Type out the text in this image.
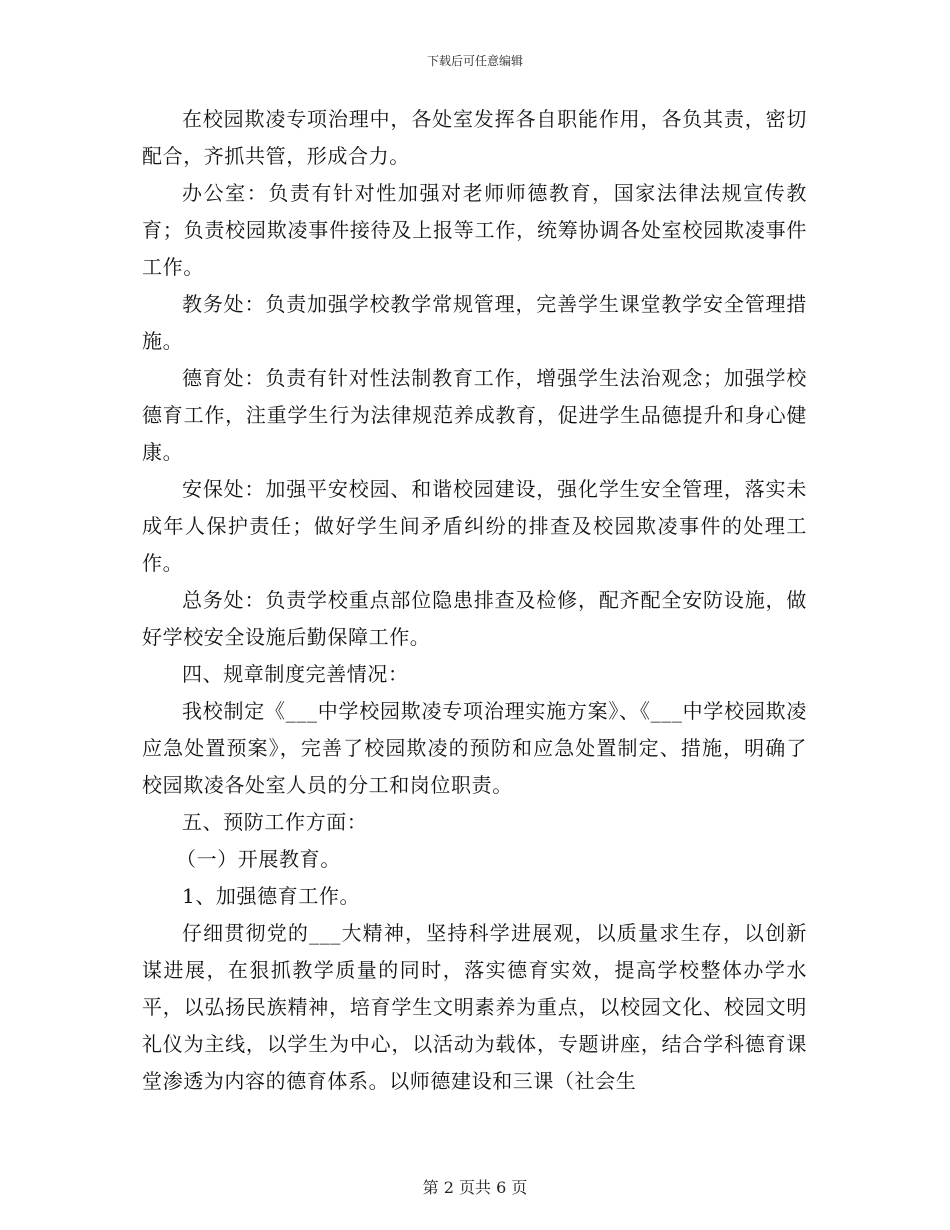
下载后可任意编辑

在校园欺凌专项治理中，各处室发挥各自职能作用，各负其责，密切配合，齐抓共管，形成合力。

办公室：负责有针对性加强对老师师德教育，国家法律法规宣传教育；负责校园欺凌事件接待及上报等工作，统筹协调各处室校园欺凌事件工作。

教务处：负责加强学校教学常规管理，完善学生课堂教学安全管理措施。

德育处：负责有针对性法制教育工作，增强学生法治观念；加强学校德育工作，注重学生行为法律规范养成教育，促进学生品德提升和身心健康。

安保处：加强平安校园、和谐校园建设，强化学生安全管理，落实未成年人保护责任；做好学生间矛盾纠纷的排查及校园欺凌事件的处理工作。

总务处：负责学校重点部位隐患排查及检修，配齐配全安防设施，做好学校安全设施后勤保障工作。

四、规章制度完善情况：

我校制定《___中学校园欺凌专项治理实施方案》、《___中学校园欺凌应急处置预案》，完善了校园欺凌的预防和应急处置制定、措施，明确了校园欺凌各处室人员的分工和岗位职责。

五、预防工作方面：

（一）开展教育。

1、加强德育工作。

仔细贯彻党的___大精神，坚持科学进展观，以质量求生存，以创新谋进展，在狠抓教学质量的同时，落实德育实效，提高学校整体办学水平，以弘扬民族精神，培育学生文明素养为重点，以校园文化、校园文明礼仪为主线，以学生为中心，以活动为载体，专题讲座，结合学科德育课堂渗透为内容的德育体系。以师德建设和三课（社会生

第 2 页共 6 页
